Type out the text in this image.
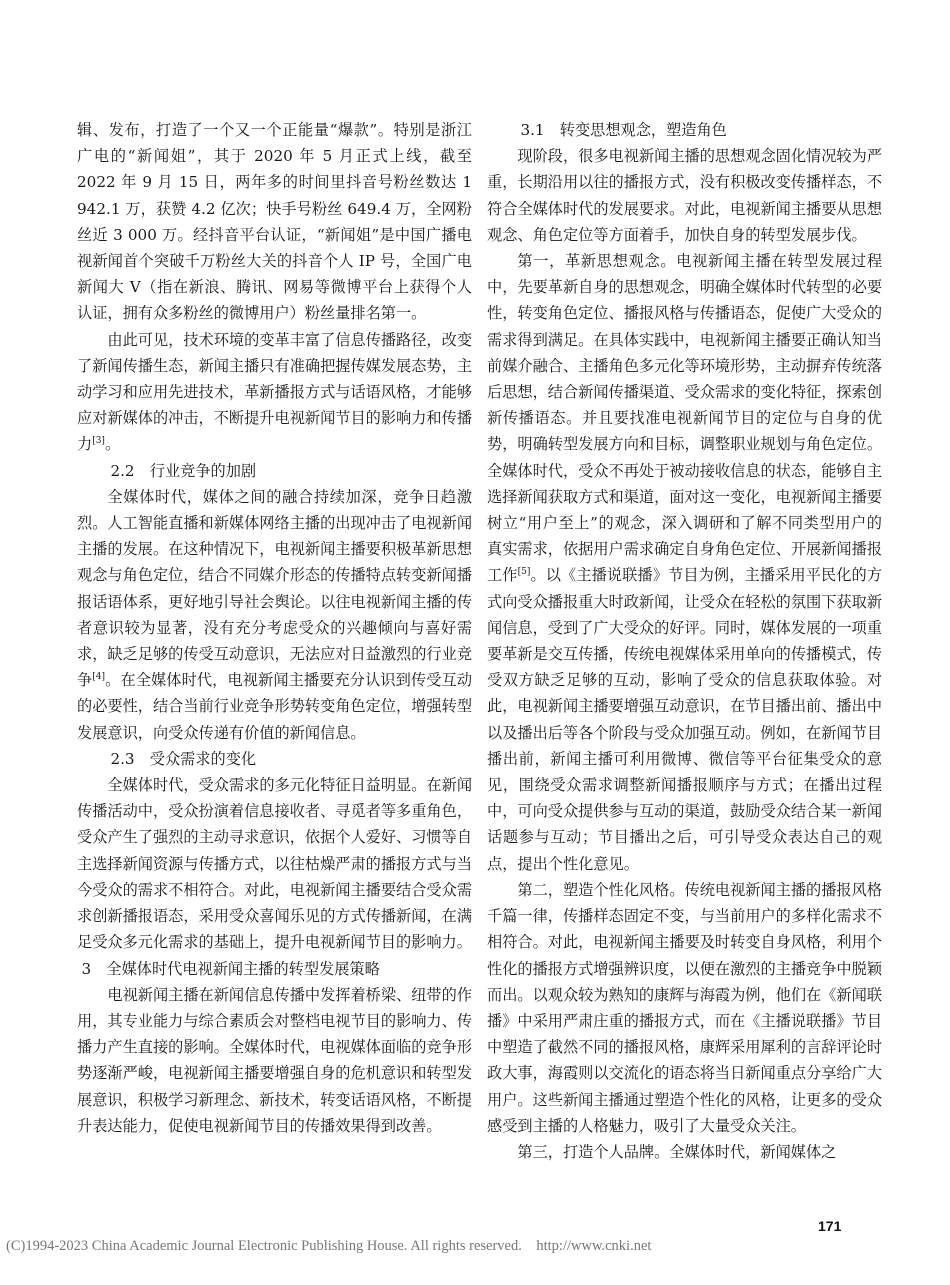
辑、发布，打造了一个又一个正能量“爆款”。特别是浙江广电的“新闻姐”，其于 2020 年 5 月正式上线，截至 2022 年 9 月 15 日，两年多的时间里抖音号粉丝数达 1 942.1 万，获赞 4.2 亿次；快手号粉丝 649.4 万，全网粉丝近 3 000 万。经抖音平台认证，“新闻姐”是中国广播电视新闻首个突破千万粉丝大关的抖音个人 IP 号，全国广电新闻大 V（指在新浪、腾讯、网易等微博平台上获得个人认证，拥有众多粉丝的微博用户）粉丝量排名第一。

由此可见，技术环境的变革丰富了信息传播路径，改变了新闻传播生态，新闻主播只有准确把握传媒发展态势，主动学习和应用先进技术，革新播报方式与话语风格，才能够应对新媒体的冲击，不断提升电视新闻节目的影响力和传播力[3]。

2.2　行业竞争的加剧

全媒体时代，媒体之间的融合持续加深，竞争日趋激烈。人工智能直播和新媒体网络主播的出现冲击了电视新闻主播的发展。在这种情况下，电视新闻主播要积极革新思想观念与角色定位，结合不同媒介形态的传播特点转变新闻播报话语体系，更好地引导社会舆论。以往电视新闻主播的传者意识较为显著，没有充分考虑受众的兴趣倾向与喜好需求，缺乏足够的传受互动意识，无法应对日益激烈的行业竞争[4]。在全媒体时代，电视新闻主播要充分认识到传受互动的必要性，结合当前行业竞争形势转变角色定位，增强转型发展意识，向受众传递有价值的新闻信息。

2.3　受众需求的变化

全媒体时代，受众需求的多元化特征日益明显。在新闻传播活动中，受众扮演着信息接收者、寻觅者等多重角色，受众产生了强烈的主动寻求意识，依据个人爱好、习惯等自主选择新闻资源与传播方式，以往枯燥严肃的播报方式与当今受众的需求不相符合。对此，电视新闻主播要结合受众需求创新播报语态，采用受众喜闻乐见的方式传播新闻，在满足受众多元化需求的基础上，提升电视新闻节目的影响力。

3　全媒体时代电视新闻主播的转型发展策略

电视新闻主播在新闻信息传播中发挥着桥梁、纽带的作用，其专业能力与综合素质会对整档电视节目的影响力、传播力产生直接的影响。全媒体时代，电视媒体面临的竞争形势逐渐严峻，电视新闻主播要增强自身的危机意识和转型发展意识，积极学习新理念、新技术，转变话语风格，不断提升表达能力，促使电视新闻节目的传播效果得到改善。

3.1　转变思想观念，塑造角色

现阶段，很多电视新闻主播的思想观念固化情况较为严重，长期沿用以往的播报方式，没有积极改变传播样态，不符合全媒体时代的发展要求。对此，电视新闻主播要从思想观念、角色定位等方面着手，加快自身的转型发展步伐。

第一，革新思想观念。电视新闻主播在转型发展过程中，先要革新自身的思想观念，明确全媒体时代转型的必要性，转变角色定位、播报风格与传播语态，促使广大受众的需求得到满足。在具体实践中，电视新闻主播要正确认知当前媒介融合、主播角色多元化等环境形势，主动摒弃传统落后思想，结合新闻传播渠道、受众需求的变化特征，探索创新传播语态。并且要找准电视新闻节目的定位与自身的优势，明确转型发展方向和目标，调整职业规划与角色定位。全媒体时代，受众不再处于被动接收信息的状态，能够自主选择新闻获取方式和渠道，面对这一变化，电视新闻主播要树立“用户至上”的观念，深入调研和了解不同类型用户的真实需求，依据用户需求确定自身角色定位、开展新闻播报工作[5]。以《主播说联播》节目为例，主播采用平民化的方式向受众播报重大时政新闻，让受众在轻松的氛围下获取新闻信息，受到了广大受众的好评。同时，媒体发展的一项重要革新是交互传播，传统电视媒体采用单向的传播模式，传受双方缺乏足够的互动，影响了受众的信息获取体验。对此，电视新闻主播要增强互动意识，在节目播出前、播出中以及播出后等各个阶段与受众加强互动。例如，在新闻节目播出前，新闻主播可利用微博、微信等平台征集受众的意见，围绕受众需求调整新闻播报顺序与方式；在播出过程中，可向受众提供参与互动的渠道，鼓励受众结合某一新闻话题参与互动；节目播出之后，可引导受众表达自己的观点，提出个性化意见。

第二，塑造个性化风格。传统电视新闻主播的播报风格千篇一律，传播样态固定不变，与当前用户的多样化需求不相符合。对此，电视新闻主播要及时转变自身风格，利用个性化的播报方式增强辨识度，以便在激烈的主播竞争中脱颖而出。以观众较为熟知的康辉与海霞为例，他们在《新闻联播》中采用严肃庄重的播报方式，而在《主播说联播》节目中塑造了截然不同的播报风格，康辉采用犀利的言辞评论时政大事，海霞则以交流化的语态将当日新闻重点分享给广大用户。这些新闻主播通过塑造个性化的风格，让更多的受众感受到主播的人格魅力，吸引了大量受众关注。

第三，打造个人品牌。全媒体时代，新闻媒体之

171
(C)1994-2023 China Academic Journal Electronic Publishing House. All rights reserved. http://www.cnki.net
